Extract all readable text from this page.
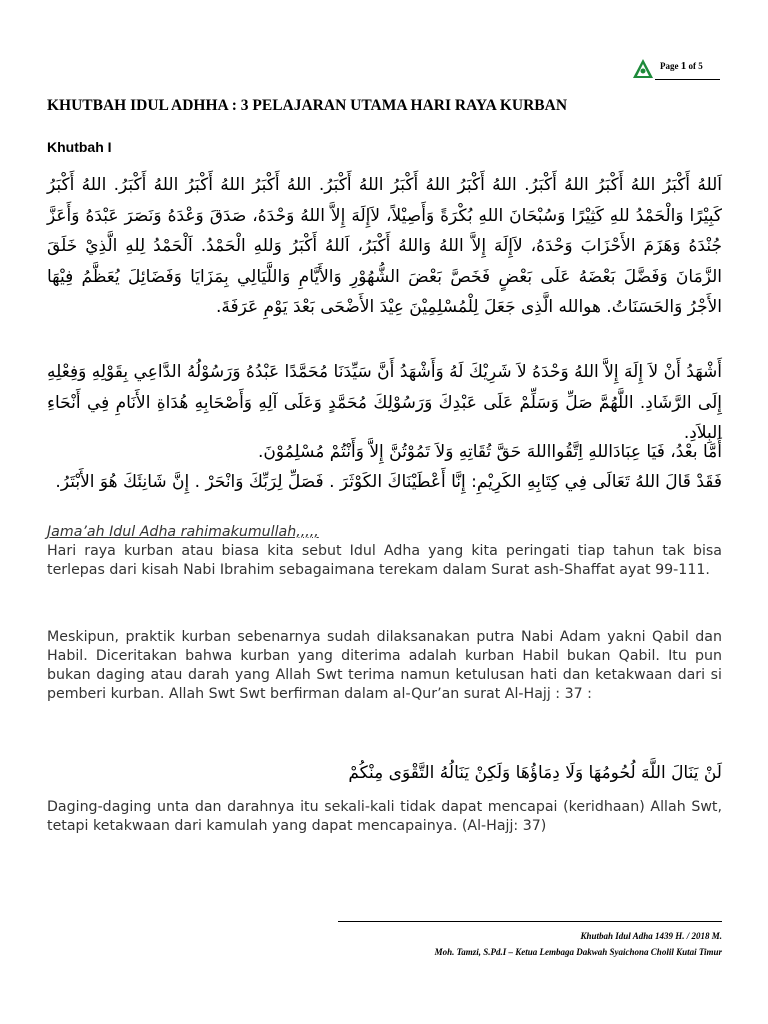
Page 1 of 5
KHUTBAH IDUL ADHHA : 3 PELAJARAN UTAMA HARI RAYA KURBAN
Khutbah I
اَللهُ أَكْبَرُ اللهُ أَكْبَرُ اللهُ أَكْبَرُ. اللهُ أَكْبَرُ اللهُ أَكْبَرُ اللهُ أَكْبَرُ. اللهُ أَكْبَرُ اللهُ أَكْبَرُ اللهُ أَكْبَرُ. اللهُ أَكْبَرُ كَبِيْرًا وَالْحَمْدُ للهِ كَثِيْرًا وَسُبْحَانَ اللهِ بُكْرَةً وَأَصِيْلاً، لاَإِلَهَ إِلاَّ اللهُ وَحْدَهُ، صَدَقَ وَعْدَهُ وَنَصَرَ عَبْدَهُ وَأَعَزَّ جُنْدَهُ وَهَزَمَ الأَحْزَابَ وَحْدَهُ، لاَإِلَهَ إِلاَّ اللهُ وَاللهُ أَكْبَرُ، اَللهُ أَكْبَرُ وَللهِ الْحَمْدُ. اَلْحَمْدُ لِلهِ الَّذِيْ خَلَقَ الزَّمَانَ وَفَضَّلَ بَعْضَهُ عَلَى بَعْضٍ فَخَصَّ بَعْضَ الشُّهُوْرِ وَالأَيَّامِ وَاللَّيَالِي بِمَزَايَا وَفَضَائِلَ يُعَظَّمُ فِيْهَا الأَجْرُ وَالحَسَنَاتُ. هوالله الَّذِى جَعَلَ لِلْمُسْلِمِيْنَ عِيْدَ الأَضْحَى بَعْدَ يَوْمِ عَرَفَةَ.
أَشْهَدُ أَنْ لاَ إِلَهَ إِلاَّ اللهُ وَحْدَهُ لاَ شَرِيْكَ لَهُ وَأَشْهَدُ أَنَّ سَيِّدَنَا مُحَمَّدًا عَبْدُهُ وَرَسُوْلُهُ الدَّاعِي بِقَوْلِهِ وَفِعْلِهِ إِلَى الرَّشَادِ. اللَّهُمَّ صَلِّ وَسَلِّمْ عَلَى عَبْدِكَ وَرَسُوْلِكَ مُحَمَّدٍ وَعَلَى آلِهِ وَأَصْحَابِهِ هُدَاةِ الأَنَامِ فِي أَنْحَاءِ البِلاَدِ.
أَمَّا بعْدُ، فَيَا عِبَادَاللهِ اِتَّقُوااللهَ حَقَّ تُقَاتِهِ وَلاَ تَمُوْتُنَّ إِلاَّ وَأَنْتُمْ مُسْلِمُوْنَ.
فَقَدْ قَالَ اللهُ تَعَالَى فِي كِتَابِهِ الكَرِيْمِ: إِنَّا أَعْطَيْنَاكَ الكَوْثَرَ . فَصَلِّ لِرَبِّكَ وَانْحَرْ . إِنَّ شَانِئَكَ هُوَ الأَبْتَرُ.
Jama’ah Idul Adha rahimakumullah,,,,,
Hari raya kurban atau biasa kita sebut Idul Adha yang kita peringati tiap tahun tak bisa terlepas dari kisah Nabi Ibrahim sebagaimana terekam dalam Surat ash-Shaffat ayat 99-111.
Meskipun, praktik kurban sebenarnya sudah dilaksanakan putra Nabi Adam yakni Qabil dan Habil. Diceritakan bahwa kurban yang diterima adalah kurban Habil bukan Qabil. Itu pun bukan daging atau darah yang Allah Swt terima namun ketulusan hati dan ketakwaan dari si pemberi kurban. Allah Swt Swt berfirman dalam al-Qur’an surat Al-Hajj : 37 :
لَنْ يَنَالَ اللَّهَ لُحُومُهَا وَلَا دِمَاؤُهَا وَلَكِنْ يَنَالُهُ التَّقْوَى مِنْكُمْ
Daging-daging unta dan darahnya itu sekali-kali tidak dapat mencapai (keridhaan) Allah Swt, tetapi ketakwaan dari kamulah yang dapat mencapainya. (Al-Hajj: 37)
Khutbah Idul Adha 1439 H. / 2018 M.
Moh. Tamzi, S.Pd.I – Ketua Lembaga Dakwah Syaichona Cholil Kutai Timur
